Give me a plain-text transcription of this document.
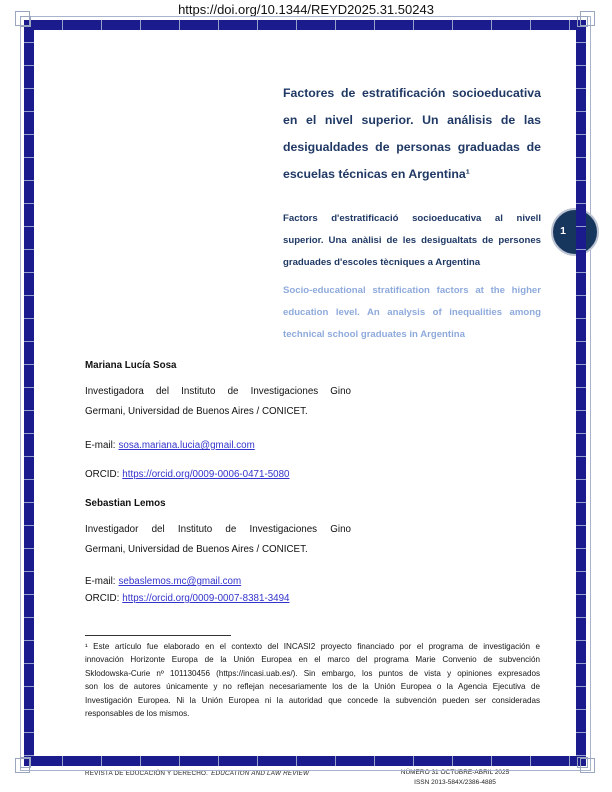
https://doi.org/10.1344/REYD2025.31.50243
1
Factores de estratificación socioeducativa
en el nivel superior. Un análisis de las
desigualdades de personas graduadas de
escuelas técnicas en Argentina¹
Factors d'estratificació socioeducativa al nivell
superior. Una anàlisi de les desigualtats de persones
graduades d'escoles tècniques a Argentina
Socio-educational stratification factors at the higher
education level. An analysis of inequalities among
technical school graduates in Argentina
Mariana Lucía Sosa
Investigadora del Instituto de Investigaciones Gino
Germani, Universidad de Buenos Aires / CONICET.
E-mail: sosa.mariana.lucia@gmail.com
ORCID: https://orcid.org/0009-0006-0471-5080
Sebastian Lemos
Investigador del Instituto de Investigaciones Gino
Germani, Universidad de Buenos Aires / CONICET.
E-mail: sebaslemos.mc@gmail.com
ORCID: https://orcid.org/0009-0007-8381-3494
¹ Este artículo fue elaborado en el contexto del INCASI2 proyecto financiado por el programa de investigación e
innovación Horizonte Europa de la Unión Europea en el marco del programa Marie Convenio de subvención
Sklodowska-Curie nº 101130456 (https://incasi.uab.es/). Sin embargo, los puntos de vista y opiniones expresados
son los de autores únicamente y no reflejan necesariamente los de la Unión Europea o la Agencia Ejecutiva de
Investigación Europea. Ni la Unión Europea ni la autoridad que concede la subvención pueden ser consideradas
responsables de los mismos.
REVISTA DE EDUCACIÓN Y DERECHO. EDUCATION AND LAW REVIEW	NÚMERO 31 OCTUBRE-ABRIL 2025
ISSN 2013-584X/2386-4885
